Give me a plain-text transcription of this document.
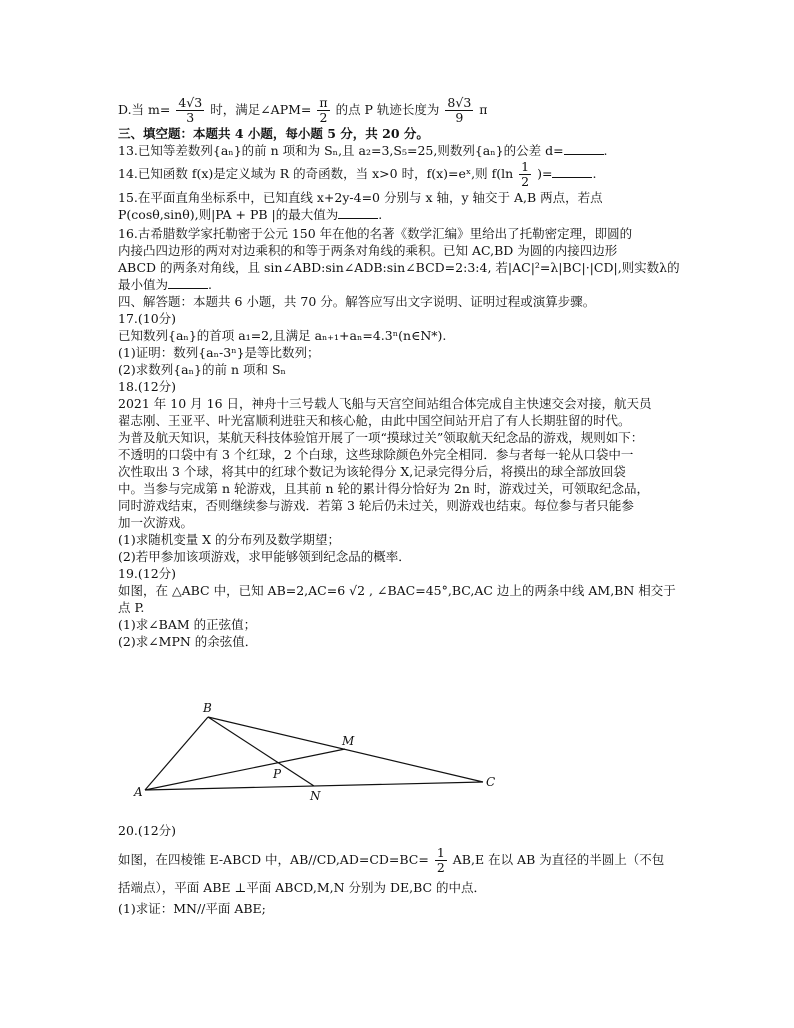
D.当 $m= \frac{4√3}{3}$ 时，满足∠APM= $\frac{\pi}{2}$ 的点 P 轨迹长度为 $\frac{8√3}{9}$ π
三、填空题：本题共 4 小题，每小题 5 分，共 20 分。
13.已知等差数列{aₙ}的前 n 项和为 Sₙ,且 a₂=3,S₅=25,则数列{aₙ}的公差 d=	.
14.已知函数 f(x)是定义域为 R 的奇函数，当 x>0 时，f(x)=eˣ,则 $f(\ln \frac{1}{2}$ )=	.
15.在平面直角坐标系中，已知直线 x+2y-4=0 分别与 x 轴，y 轴交于 A,B 两点，若点
P(cosθ,sinθ),则|PA + PB |的最大值为	.
16.古希腊数学家托勒密于公元 150 年在他的名著《数学汇编》里给出了托勒密定理，即圆的
内接凸四边形的两对对边乘积的和等于两条对角线的乘积。已知 AC,BD 为圆的内接四边形
ABCD 的两条对角线，且 sin∠ABD:sin∠ADB:sin∠BCD=2:3:4, 若|AC|²=λ|BC|·|CD|,则实数λ的
最小值为	.
四、解答题：本题共 6 小题，共 70 分。解答应写出文字说明、证明过程或演算步骤。
17.(10分)
已知数列{aₙ}的首项 a₁=2,且满足 aₙ₊₁+aₙ=4.3ⁿ(n∈N*).
(1)证明：数列{aₙ-3ⁿ}是等比数列；
(2)求数列{aₙ}的前 n 项和 Sₙ
18.(12分)
2021 年 10 月 16 日，神舟十三号载人飞船与天宫空间站组合体完成自主快速交会对接，航天员
翟志刚、王亚平、叶光富顺利进驻天和核心舱，由此中国空间站开启了有人长期驻留的时代。
为普及航天知识，某航天科技体验馆开展了一项“摸球过关”领取航天纪念品的游戏，规则如下：
不透明的口袋中有 3 个红球，2 个白球，这些球除颜色外完全相同．参与者每一轮从口袋中一
次性取出 3 个球，将其中的红球个数记为该轮得分 X,记录完得分后，将摸出的球全部放回袋
中。当参与完成第 n 轮游戏，且其前 n 轮的累计得分恰好为 2n 时，游戏过关，可领取纪念品，
同时游戏结束，否则继续参与游戏．若第 3 轮后仍未过关，则游戏也结束。每位参与者只能参
加一次游戏。
(1)求随机变量 X 的分布列及数学期望；
(2)若甲参加该项游戏，求甲能够领到纪念品的概率．
19.(12分)
如图，在 △ABC 中，已知 AB=2,AC=6 √2 , ∠BAC=45°,BC,AC 边上的两条中线 AM,BN 相交于
点 P.
(1)求∠BAM 的正弦值；
(2)求∠MPN 的余弦值．
A
B
C
M
N
P
20.(12分)
如图，在四棱锥 E-ABCD 中，$AB//CD,AD=CD=BC= \frac{1}{2} AB,E$ 在以 AB 为直径的半圆上（不包
括端点），平面 ABE ⊥平面 ABCD,M,N 分别为 DE,BC 的中点．
(1)求证：MN//平面 ABE;
